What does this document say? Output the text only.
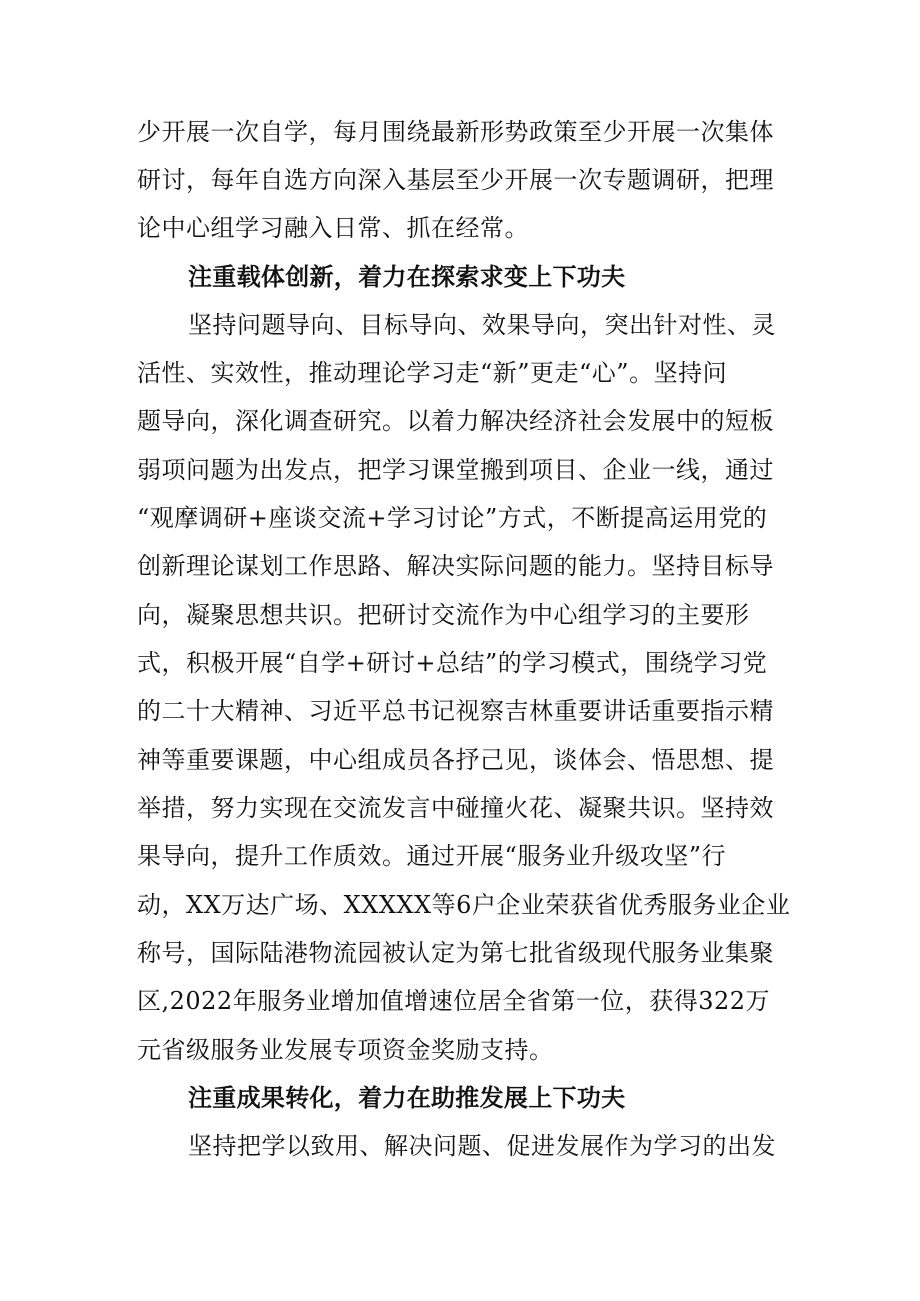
少开展一次自学，每月围绕最新形势政策至少开展一次集体
研讨，每年自选方向深入基层至少开展一次专题调研，把理
论中心组学习融入日常、抓在经常。
注重载体创新，着力在探索求变上下功夫
坚持问题导向、目标导向、效果导向，突出针对性、灵
活性、实效性，推动理论学习走“新”更走“心”。坚持问
题导向，深化调查研究。以着力解决经济社会发展中的短板
弱项问题为出发点，把学习课堂搬到项目、企业一线，通过
“观摩调研+座谈交流+学习讨论”方式，不断提高运用党的
创新理论谋划工作思路、解决实际问题的能力。坚持目标导
向，凝聚思想共识。把研讨交流作为中心组学习的主要形
式，积极开展“自学+研讨+总结”的学习模式，围绕学习党
的二十大精神、习近平总书记视察吉林重要讲话重要指示精
神等重要课题，中心组成员各抒己见，谈体会、悟思想、提
举措，努力实现在交流发言中碰撞火花、凝聚共识。坚持效
果导向，提升工作质效。通过开展“服务业升级攻坚”行
动，XX万达广场、XXXXX等6户企业荣获省优秀服务业企业
称号，国际陆港物流园被认定为第七批省级现代服务业集聚
区,2022年服务业增加值增速位居全省第一位，获得322万
元省级服务业发展专项资金奖励支持。
注重成果转化，着力在助推发展上下功夫
坚持把学以致用、解决问题、促进发展作为学习的出发
